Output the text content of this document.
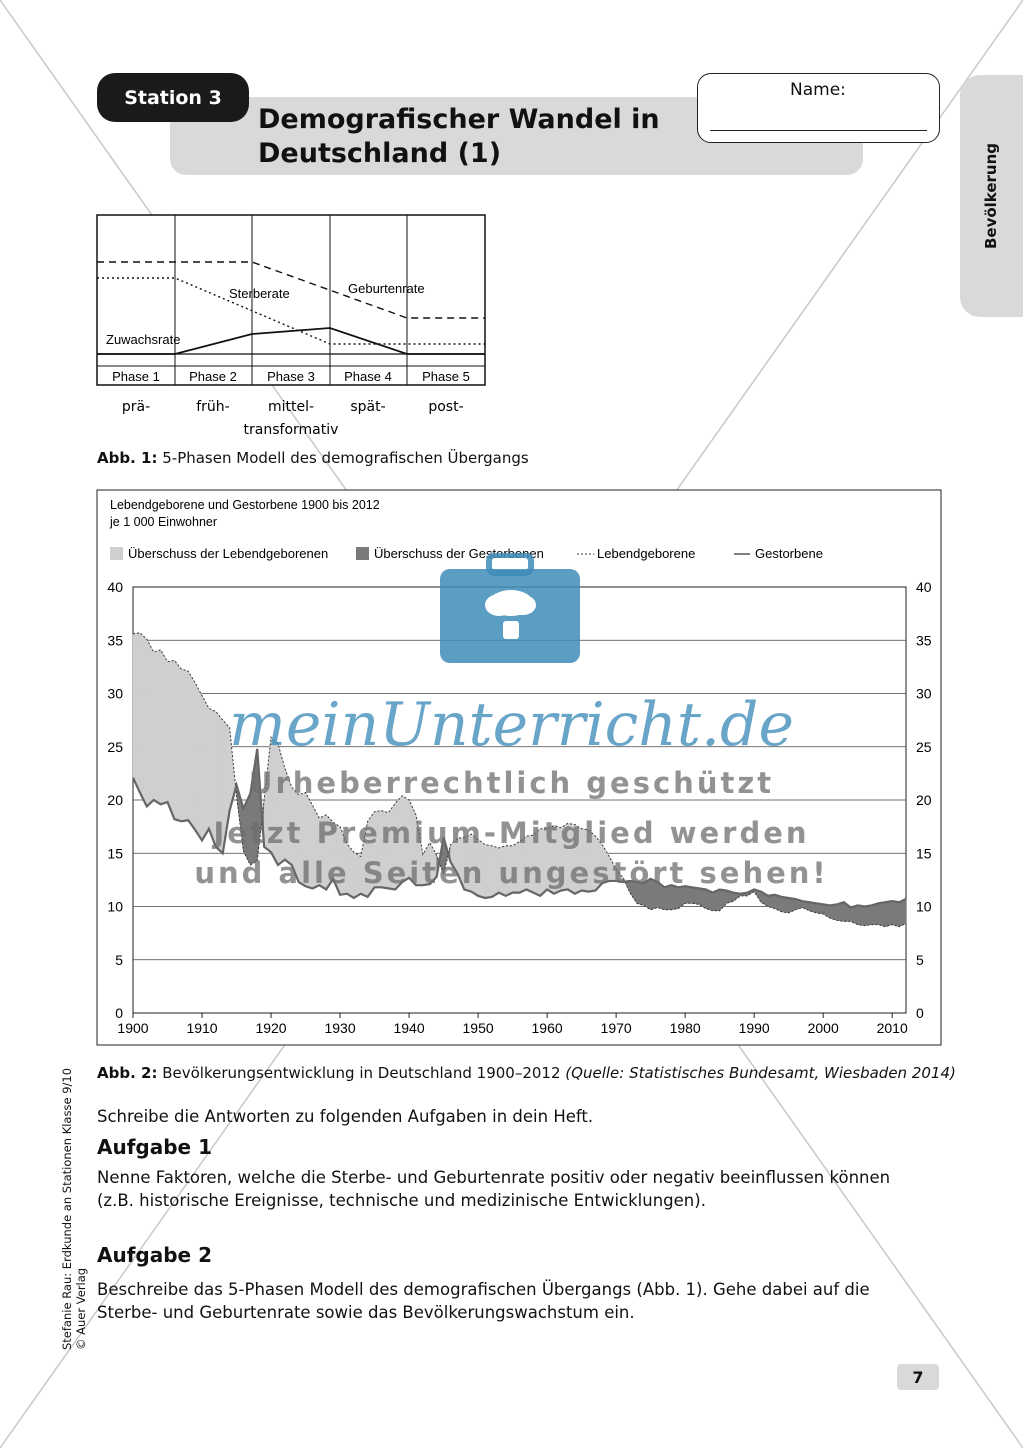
Station 3
Demografischer Wandel in
Deutschland (1)
Name:
Bevölkerung
Sterberate	Geburtenrate
Zuwachsrate
Phase 1 Phase 2 Phase 3 Phase 4 Phase 5
prä-	früh-	mittel-	spät-	post-
transformativ
Abb. 1: 5-Phasen Modell des demografischen Übergangs
Lebendgeborene und Gestorbene 1900 bis 2012
je 1 000 Einwohner
Überschuss der Lebendgeborenen	Überschuss der Gestorbenen	Lebendgeborene	Gestorbene
0	0
5	5
10	10
15	15
20	20
25	25
30	30
35	35
40	40
1900	1910	1920	1930	1940	1950	1960	1970	1980	1990	2000	2010
Abb. 2: Bevölkerungsentwicklung in Deutschland 1900–2012 (Quelle: Statistisches Bundesamt, Wiesbaden 2014)
Schreibe die Antworten zu folgenden Aufgaben in dein Heft.
Aufgabe 1
Nenne Faktoren, welche die Sterbe- und Geburtenrate positiv oder negativ beeinflussen können (z.B. historische Ereignisse, technische und medizinische Entwicklungen).
Aufgabe 2
Beschreibe das 5-Phasen Modell des demografischen Übergangs (Abb. 1). Gehe dabei auf die Sterbe- und Geburtenrate sowie das Bevölkerungswachstum ein.
Stefanie Rau: Erdkunde an Stationen Klasse 9/10
© Auer Verlag
7
meinUnterricht.de
Urheberrechtlich geschützt
Jetzt Premium-Mitglied werden
und alle Seiten ungestört sehen!
